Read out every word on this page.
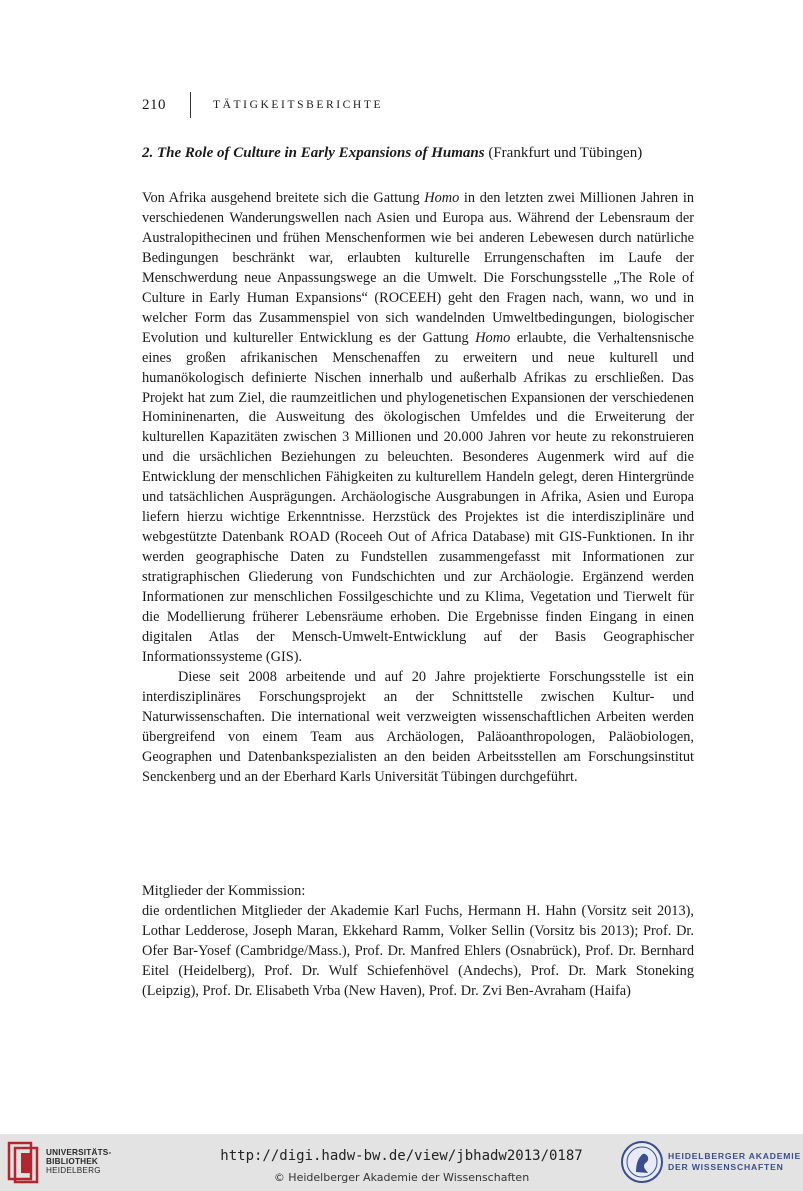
210	TÄTIGKEITSBERICHTE
2. The Role of Culture in Early Expansions of Humans (Frankfurt und Tübingen)

Von Afrika ausgehend breitete sich die Gattung Homo in den letzten zwei Millionen Jahren in verschiedenen Wanderungswellen nach Asien und Europa aus. Während der Lebensraum der Australopithecinen und frühen Menschenformen wie bei anderen Lebewesen durch natürliche Bedingungen beschränkt war, erlaubten kulturelle Errungenschaften im Laufe der Menschwerdung neue Anpassungswege an die Umwelt. Die Forschungsstelle „The Role of Culture in Early Human Expansions“ (ROCEEH) geht den Fragen nach, wann, wo und in welcher Form das Zusammenspiel von sich wandelnden Umweltbedingungen, biologischer Evolution und kultureller Entwicklung es der Gattung Homo erlaubte, die Verhaltensnische eines großen afrikanischen Menschenaffen zu erweitern und neue kulturell und humanökologisch definierte Nischen innerhalb und außerhalb Afrikas zu erschließen. Das Projekt hat zum Ziel, die raumzeitlichen und phylogenetischen Expansionen der verschiedenen Homininenarten, die Ausweitung des ökologischen Umfeldes und die Erweiterung der kulturellen Kapazitäten zwischen 3 Millionen und 20.000 Jahren vor heute zu rekonstruieren und die ursächlichen Beziehungen zu beleuchten. Besonderes Augenmerk wird auf die Entwicklung der menschlichen Fähigkeiten zu kulturellem Handeln gelegt, deren Hintergründe und tatsächlichen Ausprägungen. Archäologische Ausgrabungen in Afrika, Asien und Europa liefern hierzu wichtige Erkenntnisse. Herzstück des Projektes ist die interdisziplinäre und webgestützte Datenbank ROAD (Roceeh Out of Africa Database) mit GIS-Funktionen. In ihr werden geographische Daten zu Fundstellen zusammengefasst mit Informationen zur stratigraphischen Gliederung von Fundschichten und zur Archäologie. Ergänzend werden Informationen zur menschlichen Fossilgeschichte und zu Klima, Vegetation und Tierwelt für die Modellierung früherer Lebensräume erhoben. Die Ergebnisse finden Eingang in einen digitalen Atlas der Mensch-Umwelt-Entwicklung auf der Basis Geographischer Informationssysteme (GIS).

Diese seit 2008 arbeitende und auf 20 Jahre projektierte Forschungsstelle ist ein interdisziplinäres Forschungsprojekt an der Schnittstelle zwischen Kultur- und Naturwissenschaften. Die international weit verzweigten wissenschaftlichen Arbeiten werden übergreifend von einem Team aus Archäologen, Paläoanthropologen, Paläobiologen, Geographen und Datenbankspezialisten an den beiden Arbeitsstellen am Forschungsinstitut Senckenberg und an der Eberhard Karls Universität Tübingen durchgeführt.

Mitglieder der Kommission:

die ordentlichen Mitglieder der Akademie Karl Fuchs, Hermann H. Hahn (Vorsitz seit 2013), Lothar Ledderose, Joseph Maran, Ekkehard Ramm, Volker Sellin (Vorsitz bis 2013); Prof. Dr. Ofer Bar-Yosef (Cambridge/Mass.), Prof. Dr. Manfred Ehlers (Osnabrück), Prof. Dr. Bernhard Eitel (Heidelberg), Prof. Dr. Wulf Schiefenhövel (Andechs), Prof. Dr. Mark Stoneking (Leipzig), Prof. Dr. Elisabeth Vrba (New Haven), Prof. Dr. Zvi Ben-Avraham (Haifa)

UNIVERSITÄTS-
BIBLIOTHEK
HEIDELBERG
http://digi.hadw-bw.de/view/jbhadw2013/0187
© Heidelberger Akademie der Wissenschaften
HEIDELBERGER AKADEMIE
DER WISSENSCHAFTEN
